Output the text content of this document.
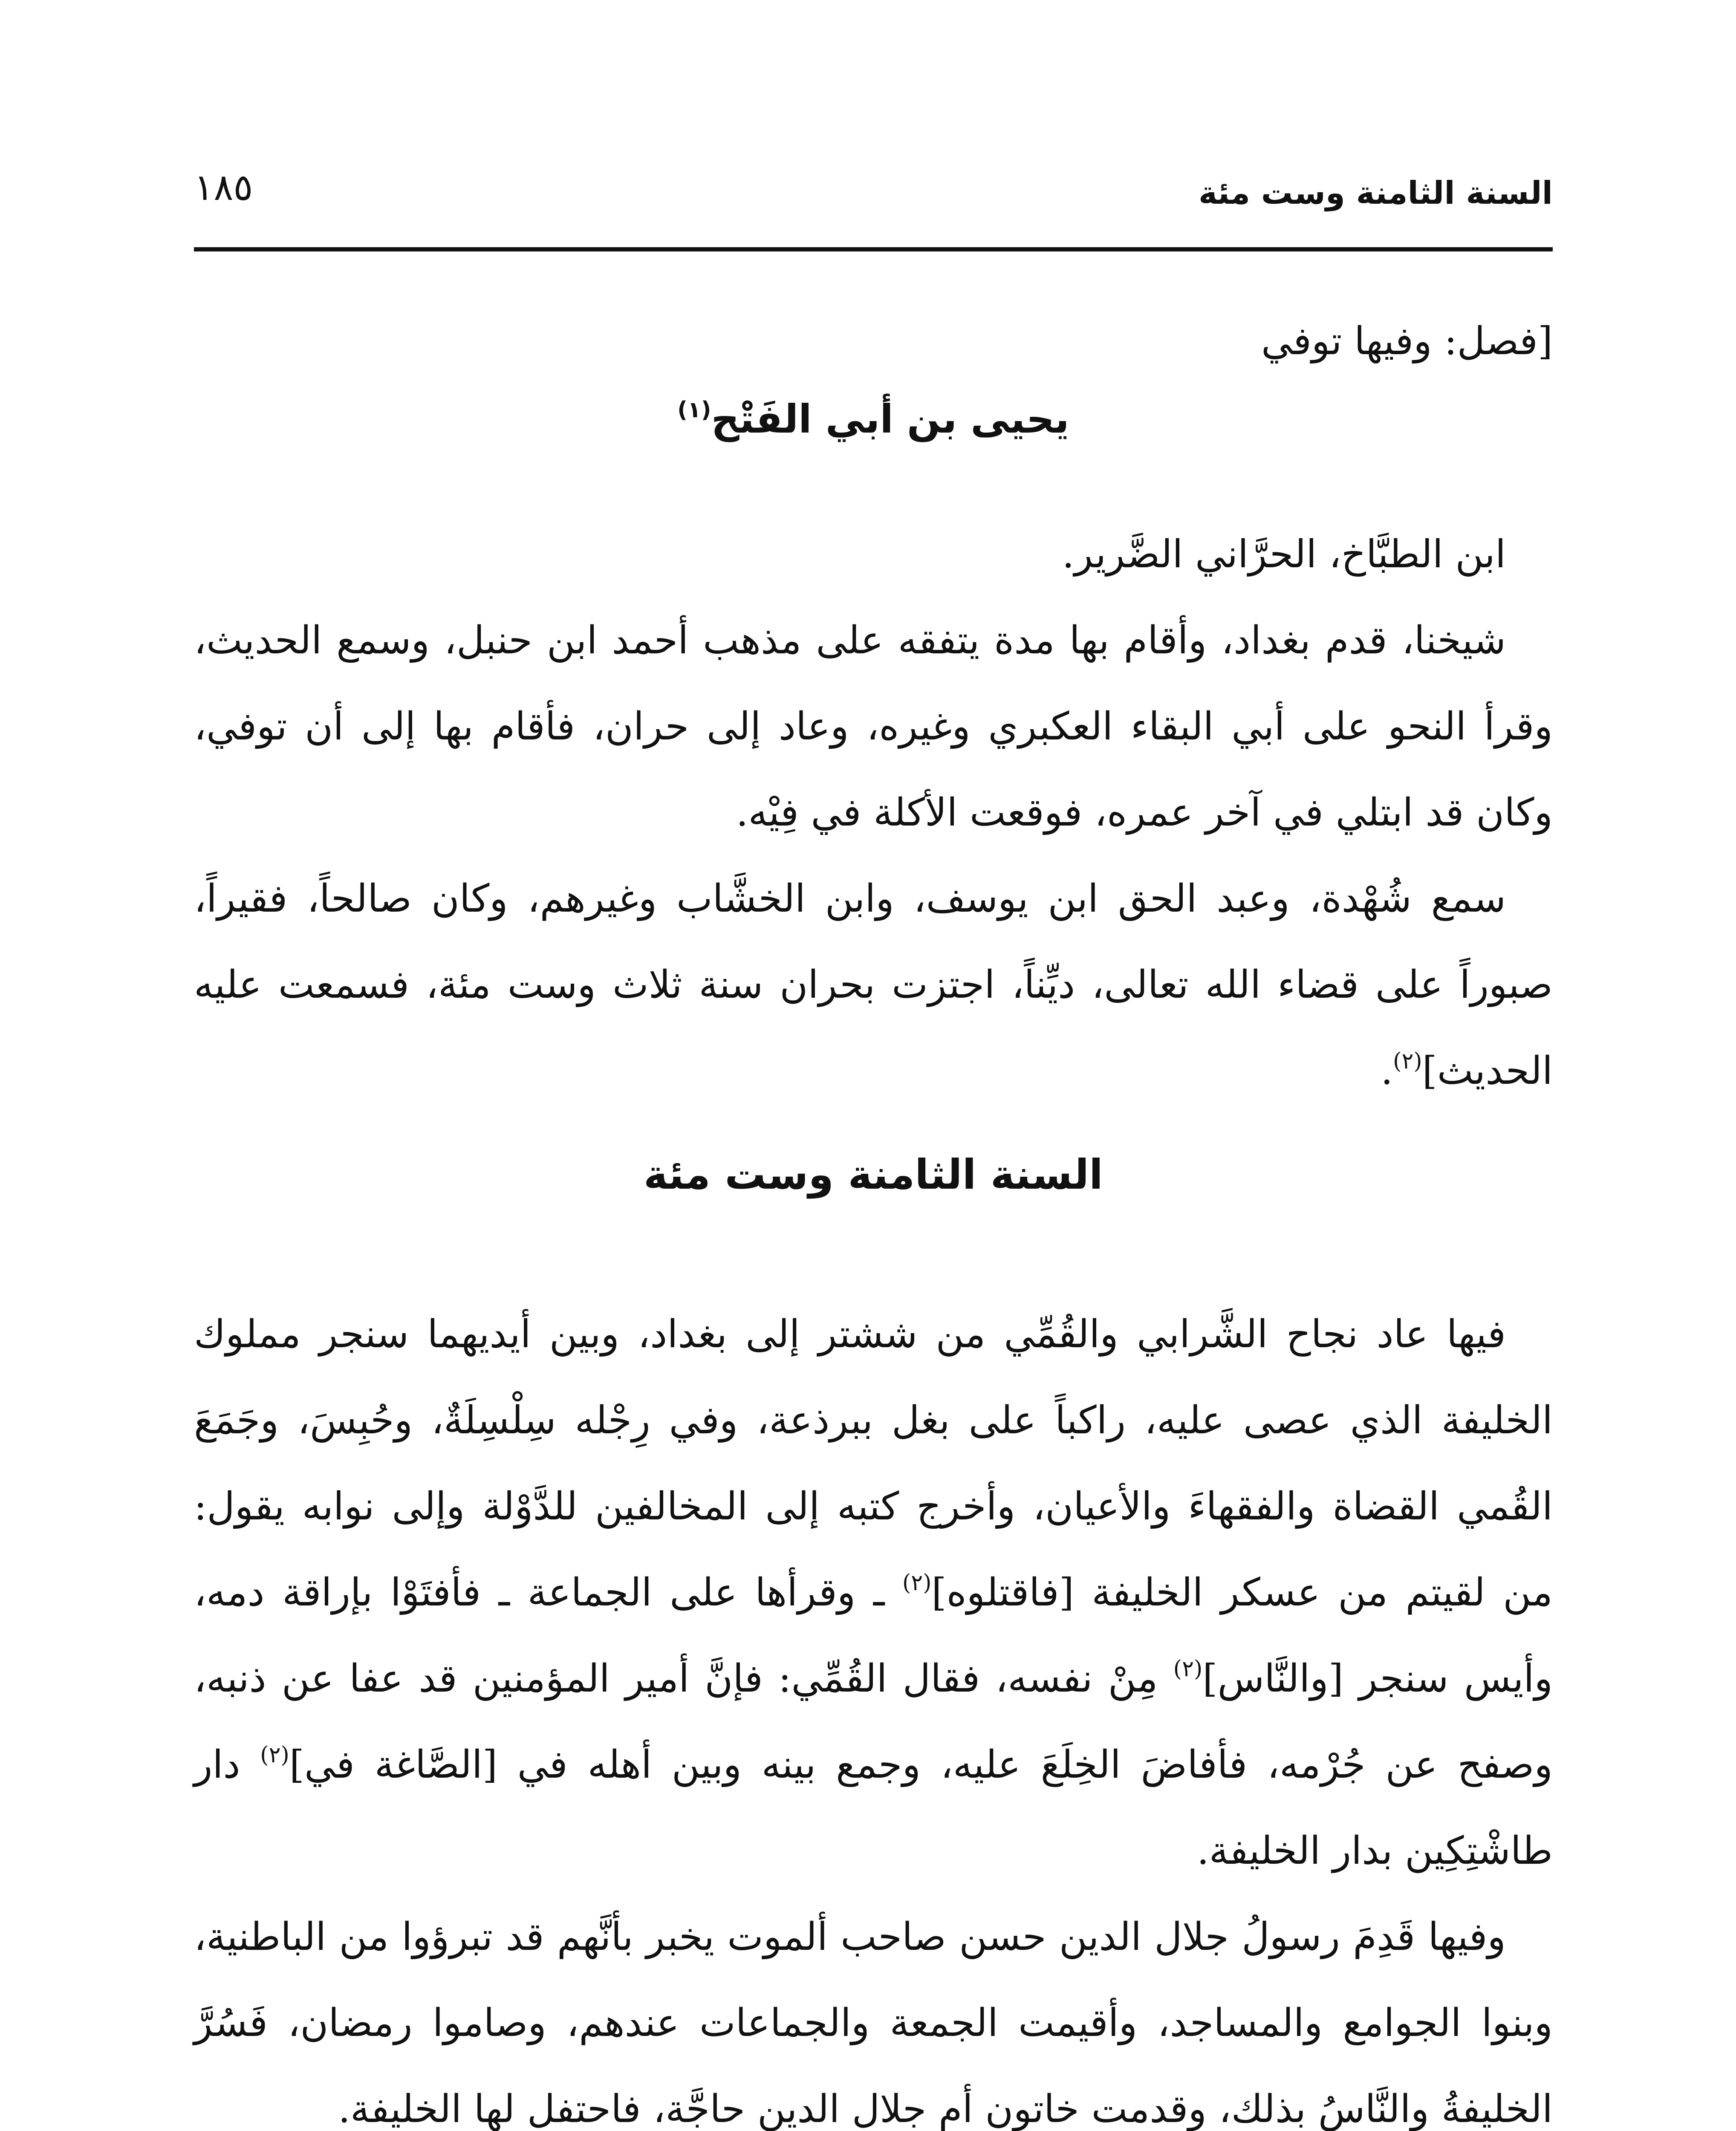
السنة الثامنة وست مئة
١٨٥

[فصل: وفيها توفي

يحيى بن أبي الفَتْح$^{(١)}$

ابن الطبَّاخ، الحرَّاني الضَّرير.

شيخنا، قدم بغداد، وأقام بها مدة يتفقه على مذهب أحمد ابن حنبل، وسمع الحديث، وقرأ النحو على أبي البقاء العكبري وغيره، وعاد إلى حران، فأقام بها إلى أن توفي، وكان قد ابتلي في آخر عمره، فوقعت الأكلة في فِيْه.

سمع شُهْدة، وعبد الحق ابن يوسف، وابن الخشَّاب وغيرهم، وكان صالحاً، فقيراً، صبوراً على قضاء الله تعالى، ديِّناً، اجتزت بحران سنة ثلاث وست مئة، فسمعت عليه الحديث]$^{(٢)}$.

السنة الثامنة وست مئة

فيها عاد نجاح الشَّرابي والقُمِّي من ششتر إلى بغداد، وبين أيديهما سنجر مملوك الخليفة الذي عصى عليه، راكباً على بغل ببرذعة، وفي رِجْله سِلْسِلَةٌ، وحُبِسَ، وجَمَعَ القُمي القضاة والفقهاءَ والأعيان، وأخرج كتبه إلى المخالفين للدَّوْلة وإلى نوابه يقول: من لقيتم من عسكر الخليفة [فاقتلوه]$^{(٢)}$ ـ وقرأها على الجماعة ـ فأفتَوْا بإراقة دمه، وأيس سنجر [والنَّاس]$^{(٢)}$ مِنْ نفسه، فقال القُمِّي: فإنَّ أمير المؤمنين قد عفا عن ذنبه، وصفح عن جُرْمه، فأفاضَ الخِلَعَ عليه، وجمع بينه وبين أهله في [الصَّاغة في]$^{(٢)}$ دار طاشْتِكِين بدار الخليفة.

وفيها قَدِمَ رسولُ جلال الدين حسن صاحب ألموت يخبر بأنَّهم قد تبرؤوا من الباطنية، وبنوا الجوامع والمساجد، وأقيمت الجمعة والجماعات عندهم، وصاموا رمضان، فَسُرَّ الخليفةُ والنَّاسُ بذلك، وقدمت خاتون أم جلال الدين حاجَّة، فاحتفل لها الخليفة.
